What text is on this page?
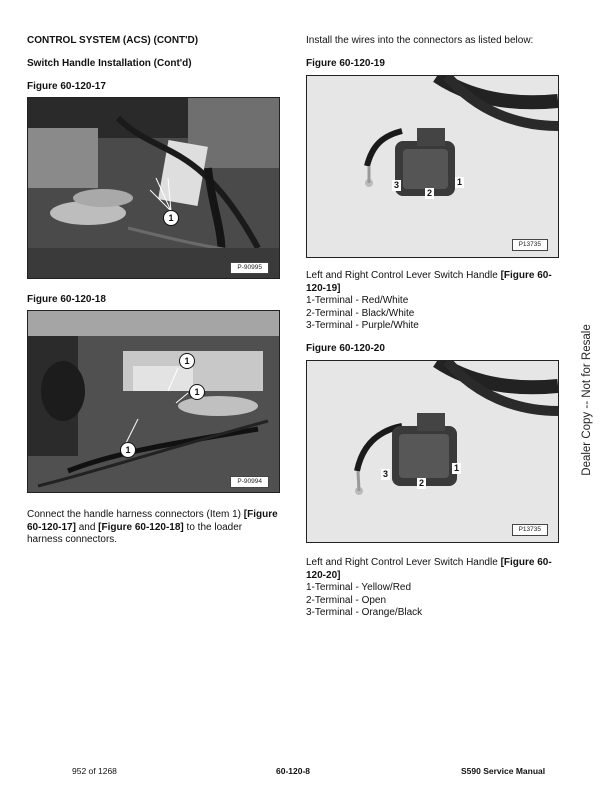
CONTROL SYSTEM (ACS) (CONT'D)
Switch Handle Installation (Cont'd)
Figure 60-120-17
1
P-90995
Figure 60-120-18
1
1
1
P-90994
Connect the handle harness connectors (Item 1) [Figure 60-120-17] and [Figure 60-120-18] to the loader harness connectors.
Install the wires into the connectors as listed below:
Figure 60-120-19
3
2
1
P13735
Left and Right Control Lever Switch Handle [Figure 60-120-19]
1-Terminal - Red/White
2-Terminal - Black/White
3-Terminal - Purple/White
Figure 60-120-20
3
2
1
P13735
Left and Right Control Lever Switch Handle [Figure 60-120-20]
1-Terminal - Yellow/Red
2-Terminal - Open
3-Terminal - Orange/Black
Dealer Copy -- Not for Resale
952 of 1268	60-120-8	S590 Service Manual
